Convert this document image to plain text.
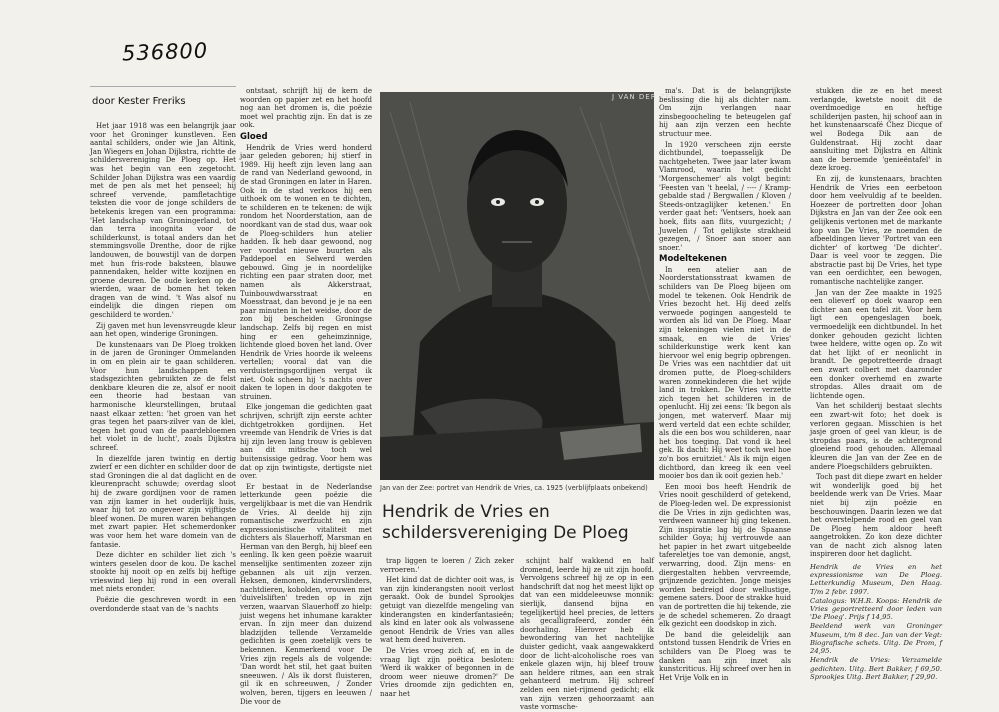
536800
door Kester Freriks

Het jaar 1918 was een belangrijk jaar voor het Groninger kunstleven. Een aantal schilders, onder wie Jan Altink, Jan Wiegers en Johan Dijkstra, richtte de schildersvereniging De Ploeg op. Het was het begin van een zegetocht. Schilder Johan Dijkstra was een vaardig met de pen als met het penseel; hij schreef vervende, pamfletachtige teksten die voor de jonge schilders de betekenis kregen van een programma: 'Het landschap van Groningerland, tot dan terra incognita voor de schilderkunst, is totaal anders dan het stemmingsvolle Drenthe, door de rijke landouwen, de bouwstijl van de dorpen met hun fris-rode baksteen, blauwe pannendaken, helder witte kozijnen en groene deuren. De oude kerken op de wierden, waar de bomen het teken dragen van de wind. 't Was alsof nu eindelijk die dingen riepen om geschilderd te worden.'

Zij gaven met hun levensvreugde kleur aan het open, winderige Groningen.

De kunstenaars van De Ploeg trokken in de jaren de Groninger Ommelanden in om en plein air te gaan schilderen. Voor hun landschappen en stadsgezichten gebruikten ze de felst denkbare kleuren die ze, alsof er nooit een theorie had bestaan van harmonische kleurstellingen, brutaal naast elkaar zetten: 'het groen van het gras tegen het paars-zilver van de klei, tegen het goud van de paardebloemen het violet in de lucht', zoals Dijkstra schreef.

In diezelfde jaren twintig en dertig zwierf er een dichter en schilder door de stad Groningen die al dat daglicht en de kleurenpracht schuwde; overdag sloot hij de zware gordijnen voor de ramen van zijn kamer in het ouderlijk huis, waar hij tot zo ongeveer zijn vijftigste bleef wonen. De muren waren behangen met zwart papier. Het schemerdonker was voor hem het ware domein van de fantasie.

Deze dichter en schilder liet zich 's winters geselen door de kou. De kachel stookte hij nooit op en zelfs bij heftige vrieswind liep hij rond in een overall met niets eronder.

Poëzie die geschreven wordt in een overdonderde staat van de 's nachts

ontstaat, schrijft hij de kern de woorden op papier zet en het hoofd nog aan het dromen is, die poëzie moet wel prachtig zijn. En dat is ze ook.

Gloed

Hendrik de Vries werd honderd jaar geleden geboren; hij stierf in 1989. Hij heeft zijn leven lang aan de rand van Nederland gewoond, in de stad Groningen en later in Haren. Ook in de stad verkoos hij een uithoek om te wonen en te dichten, te schilderen en te tekenen: de wijk rondom het Noorderstation, aan de noordkant van de stad dus, waar ook de Ploeg-schilders hun atelier hadden. Ik heb daar gewoond, nog ver voordat nieuwe buurten als Paddepoel en Selwerd werden gebouwd. Ging je in noordelijke richting een paar straten door, met namen als Akkerstraat, Tuinbouwdwarsstraat en Moesstraat, dan bevond je je na een paar minuten in het weidse, door de zon bij bescheiden Groningse landschap. Zelfs bij regen en mist hing er een geheimzinnige, lichtende gloed boven het land. Over Hendrik de Vries hoorde ik weleens vertellen; vooral dat van die verduisteringsgordijnen vergat ik niet. Ook scheen hij 's nachts over daken te lopen in door dakgoten te struinen.

Elke jongeman die gedichten gaat schrijven, schrijft zijn eerste achter dichtgetrokken gordijnen. Het vreemde van Hendrik de Vries is dat hij zijn leven lang trouw is gebleven aan dit mitische toch wel buitensissige gedrag. Voor hem was dat op zijn twintigste, dertigste niet over.

Er bestaat in de Nederlandse letterkunde geen poëzie die vergelijkbaar is met die van Hendrik de Vries. Al deelde hij zijn romantische zwerfzucht en zijn expressionistische vitaliteit met dichters als Slauerhoff, Marsman en Herman van den Bergh, hij bleef een eenling. Ik ken geen poëzie waaruit menselijke sentimenten zozeer zijn gebannen als uit zijn verzen. Heksen, demonen, kindervrslinders, nachtdieren, kobolden, vrouwen met 'duivelsliften' treden op in zijn verzen, waarvan Slauerhoff zo hielp: juist wegens het inhumane karakter ervan. In zijn meer dan duizend bladzijden tellende Verzamelde gedichten is geen zoetelijk vers te bekennen. Kenmerkend voor De Vries zijn regels als de volgende: 'Dan wordt het stil, het gaat buiten sneeuwen. / Als ik dorst fluisteren, gil ik en schreeuwen, / Zonder wolven, beren, tijgers en leeuwen / Die voor de

J VAN DER ZEE
Jan van der Zee: portret van Hendrik de Vries, ca. 1925 (verblijfplaats onbekend)
Hendrik de Vries en schildersvereniging De Ploeg

trap liggen te loeren / Zich zeker verroeren.'

Het kind dat de dichter ooit was, is van zijn kinderangsten nooit verlost geraakt. Ook de bundel Sprookjes getuigt van diezelfde mengeling van kinderangsten en kinderfantasieën; als kind en later ook als volwassene genoot Hendrik de Vries van alles wat hem deed huiveren.

De Vries vroeg zich af, en in de vraag ligt zijn poëtica besloten: 'Werd ik wakker of begonnen in de droom weer nieuwe dromen?' De Vries droomde zijn gedichten en, naar het

schijnt half wakkend en half dromend, leerde hij ze uit zijn hoofd. Vervolgens schreef hij ze op in een handschrift dat nog het meest lijkt op dat van een middeleeuwse monnik: sierlijk, dansend bijna en tegelijkertijd heel precies, de letters als gecalligrafeerd, zonder één doorhaling. Hierover heb ik bewondering van het nachtelijke duister gedicht, vaak aangewakkerd door de licht-alcoholische roes van enkele glazen wijn, hij bleef trouw aan heldere ritmes, aan een strak gehanteerd metrum. Hij schreef zelden een niet-rijmend gedicht; elk van zijn verzen gehoorzaamt aan vaste vormsche-

ma's. Dat is de belangrijkste beslissing die hij als dichter nam. Om zijn verlangen naar zinsbegoocheling te beteugelen gaf hij aan zijn verzen een hechte structuur mee.

In 1920 verscheen zijn eerste dichtbundel, toepasselijk De nachtgeheten. Twee jaar later kwam Vlamrood, waarin het gedicht 'Morgenschemer' als volgt begint: 'Feesten van 't heelal, / ---- / Kramp-gebalde stad / Bergwallen / Kloven / Steeds-ontzaglijker ketenen.' En verder gaat het: 'Ventsers, hoek aan hoek, flits aan flits, vuurgezicht; / Juwelen / Tot gelijkste strakheid gezegen, / Snoer aan snoer aan snoer.'

Modeltekenen

In een atelier aan de Noorderstationsstraat kwamen de schilders van De Ploeg bijeen om model te tekenen. Ook Hendrik de Vries bezocht het. Hij deed zelfs verwoede pogingen aangesteld te worden als lid van De Ploeg. Maar zijn tekeningen vielen niet in de smaak, en wie de Vries' schilderkunstige werk kent kan hiervoor wel enig begrip opbrengen. De Vries was een nachtdier dat uit dromen putte, de Ploeg-schilders waren zonnekinderen die het wijde land in trokken. De Vries verzette zich tegen het schilderen in de openlucht. Hij zei eens: 'Ik begon als jongen, met waterverf. Maar mij werd verteld dat een echte schilder, als die een bos wou schilderen, naar het bos toeging. Dat vond ik heel gek. Ik dacht: Hij weet toch wel hoe zo'n bos eruitziet.' Als ik mijn eigen dichtbord, dan kreeg ik een veel mooier bos dan ik ooit gezien heb.'

Een mooi bos heeft Hendrik de Vries nooit geschilderd of getekend, de Ploeg-leden wel. De expressionist die De Vries in zijn gedichten was, verdween wanneer hij ging tekenen. Zijn inspiratie lag bij de Spaanse schilder Goya; hij vertrouwde aan het papier in het zwart uitgebeelde tafereletjes toe van demonie, angst, verwarring, dood. Zijn mens- en diergestalten hebben vervreemde, grijnzende gezichten. Jonge meisjes worden bedreigd door wellustige, gemene saters. Door de strakke huid van de portretten die hij tekende, zie je de schedel schemeren. Zo draagt elk gezicht een doodskop in zich.

De band die geleidelijk aan ontstond tussen Hendrik de Vries en schilders van De Ploeg was te danken aan zijn inzet als kunstcriticus. Hij schreef over hen in Het Vrije Volk en in

stukken die ze en het meest verlangde, kwetste nooit dit de overdmoedige en heftige schilderijen pasten, hij schoof aan in het kunstenaarscafé Chez Dicque of wel Bodega Dik aan de Guldenstraat. Hij zocht daar aansluiting met Dijkstra en Altink aan de beroemde 'genieëntafel' in deze kroeg.

En zij, de kunstenaars, brachten Hendrik de Vries een eerbetoon door hem veelvuldig af te beelden. Hoezeer de portretten door Johan Dijkstra en Jan van der Zee ook een gelijkenis vertonen met de markante kop van De Vries, ze noemden de afbeeldingen liever 'Portret van een dichter' of kortweg 'De dichter'. Daar is veel voor te zeggen. Die abstractie past bij De Vries, het type van een oerdichter, een bewogen, romantische nachtelijke zanger.

Jan van der Zee maakte in 1925 een olieverf op doek waarop een dichter aan een tafel zit. Voor hem ligt een opengeslagen boek, vermoedelijk een dichtbundel. In het donker gehouden gezicht lichten twee heldere, witte ogen op. Zo wit dat het lijkt of er neonlicht in brandt. De gepotretteerde draagt een zwart colbert met daaronder een donker overhemd en zwarte stropdas. Alles draait om de lichtende ogen.

Van het schilderij bestaat slechts een zwart-wit foto; het doek is verloren gegaan. Misschien is het jasje groen of geel van kleur, is de stropdas paars, is de achtergrond gloeiend rood gehouden. Allemaal kleuren die Jan van der Zee en de andere Ploegschilders gebruikten.

Toch past dit diepe zwart en helder wit wonderlijk goed bij het beeldende werk van De Vries. Maar niet bij zijn poëzie en beschouwingen. Daarin lezen we dat het overstelpende rood en geel van De Ploeg hem aldoor heeft aangetrokken. Zo kon deze dichter van de nacht zich alsnog laten inspireren door het daglicht.

Hendrik de Vries en het expressionisme van De Ploeg. Letterkundig Museum, Den Haag. T/m 2 febr. 1997.

Catalogus: W.H.R. Koops: Hendrik de Vries geportretteerd door leden van 'De Ploeg'. Prijs f 14,95.

Beeldend werk van Groninger Museum, t/m 8 dec. Jan van der Vegt: Biografische schets. Uitg. De Prom, f 24,95.

Hendrik de Vries: Verzamelde gedichten. Uitg. Bert Bakker, f 69,50. Sprookjes Uitg. Bert Bakker, f 29,90.
